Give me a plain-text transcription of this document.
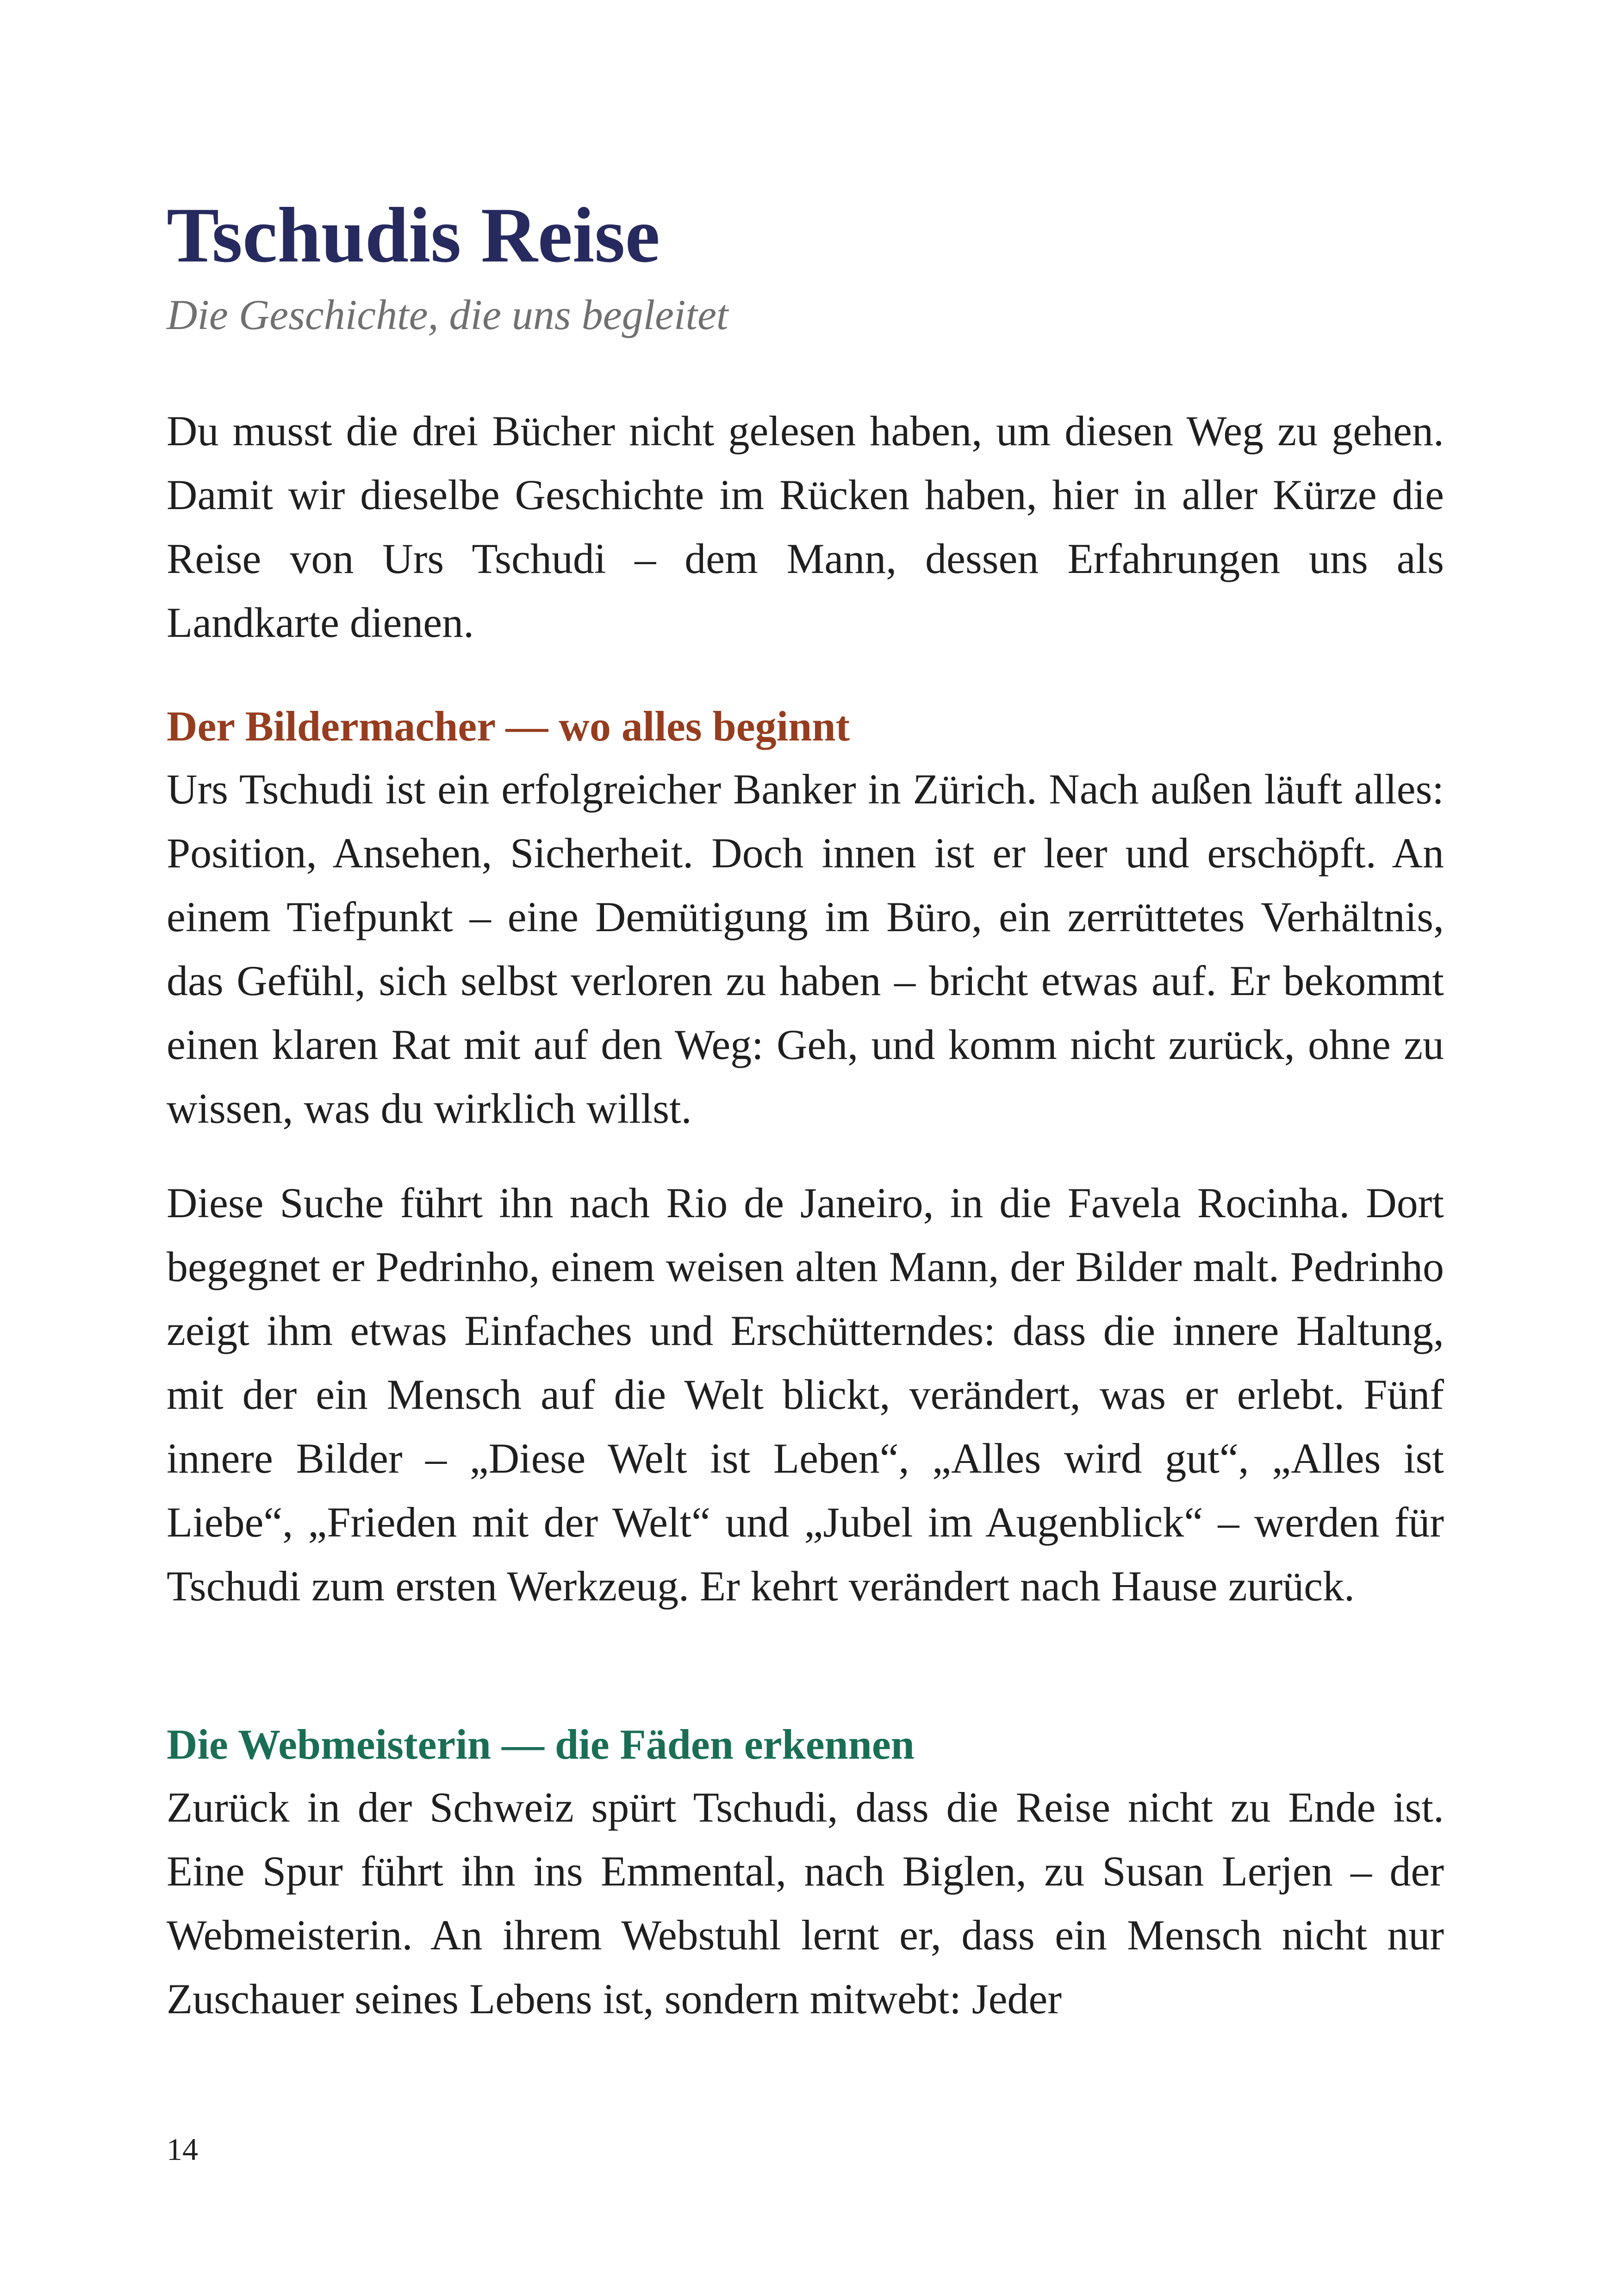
Tschudis Reise

Die Geschichte, die uns begleitet

Du musst die drei Bücher nicht gelesen haben, um diesen Weg zu gehen. Damit wir dieselbe Geschichte im Rücken haben, hier in aller Kürze die Reise von Urs Tschudi – dem Mann, dessen Erfahrungen uns als Landkarte dienen.

Der Bildermacher — wo alles beginnt

Urs Tschudi ist ein erfolgreicher Banker in Zürich. Nach außen läuft alles: Position, Ansehen, Sicherheit. Doch innen ist er leer und erschöpft. An einem Tiefpunkt – eine Demütigung im Büro, ein zerrüttetes Verhältnis, das Gefühl, sich selbst verloren zu haben – bricht etwas auf. Er bekommt einen klaren Rat mit auf den Weg: Geh, und komm nicht zurück, ohne zu wissen, was du wirklich willst.

Diese Suche führt ihn nach Rio de Janeiro, in die Favela Rocinha. Dort begegnet er Pedrinho, einem weisen alten Mann, der Bilder malt. Pedrinho zeigt ihm etwas Einfaches und Erschütterndes: dass die innere Haltung, mit der ein Mensch auf die Welt blickt, verändert, was er erlebt. Fünf innere Bilder – „Diese Welt ist Leben“, „Alles wird gut“, „Alles ist Liebe“, „Frieden mit der Welt“ und „Jubel im Augenblick“ – werden für Tschudi zum ersten Werkzeug. Er kehrt verändert nach Hause zurück.

Die Webmeisterin — die Fäden erkennen

Zurück in der Schweiz spürt Tschudi, dass die Reise nicht zu Ende ist. Eine Spur führt ihn ins Emmental, nach Biglen, zu Susan Lerjen – der Webmeisterin. An ihrem Webstuhl lernt er, dass ein Mensch nicht nur Zuschauer seines Lebens ist, sondern mitwebt: Jeder

14
